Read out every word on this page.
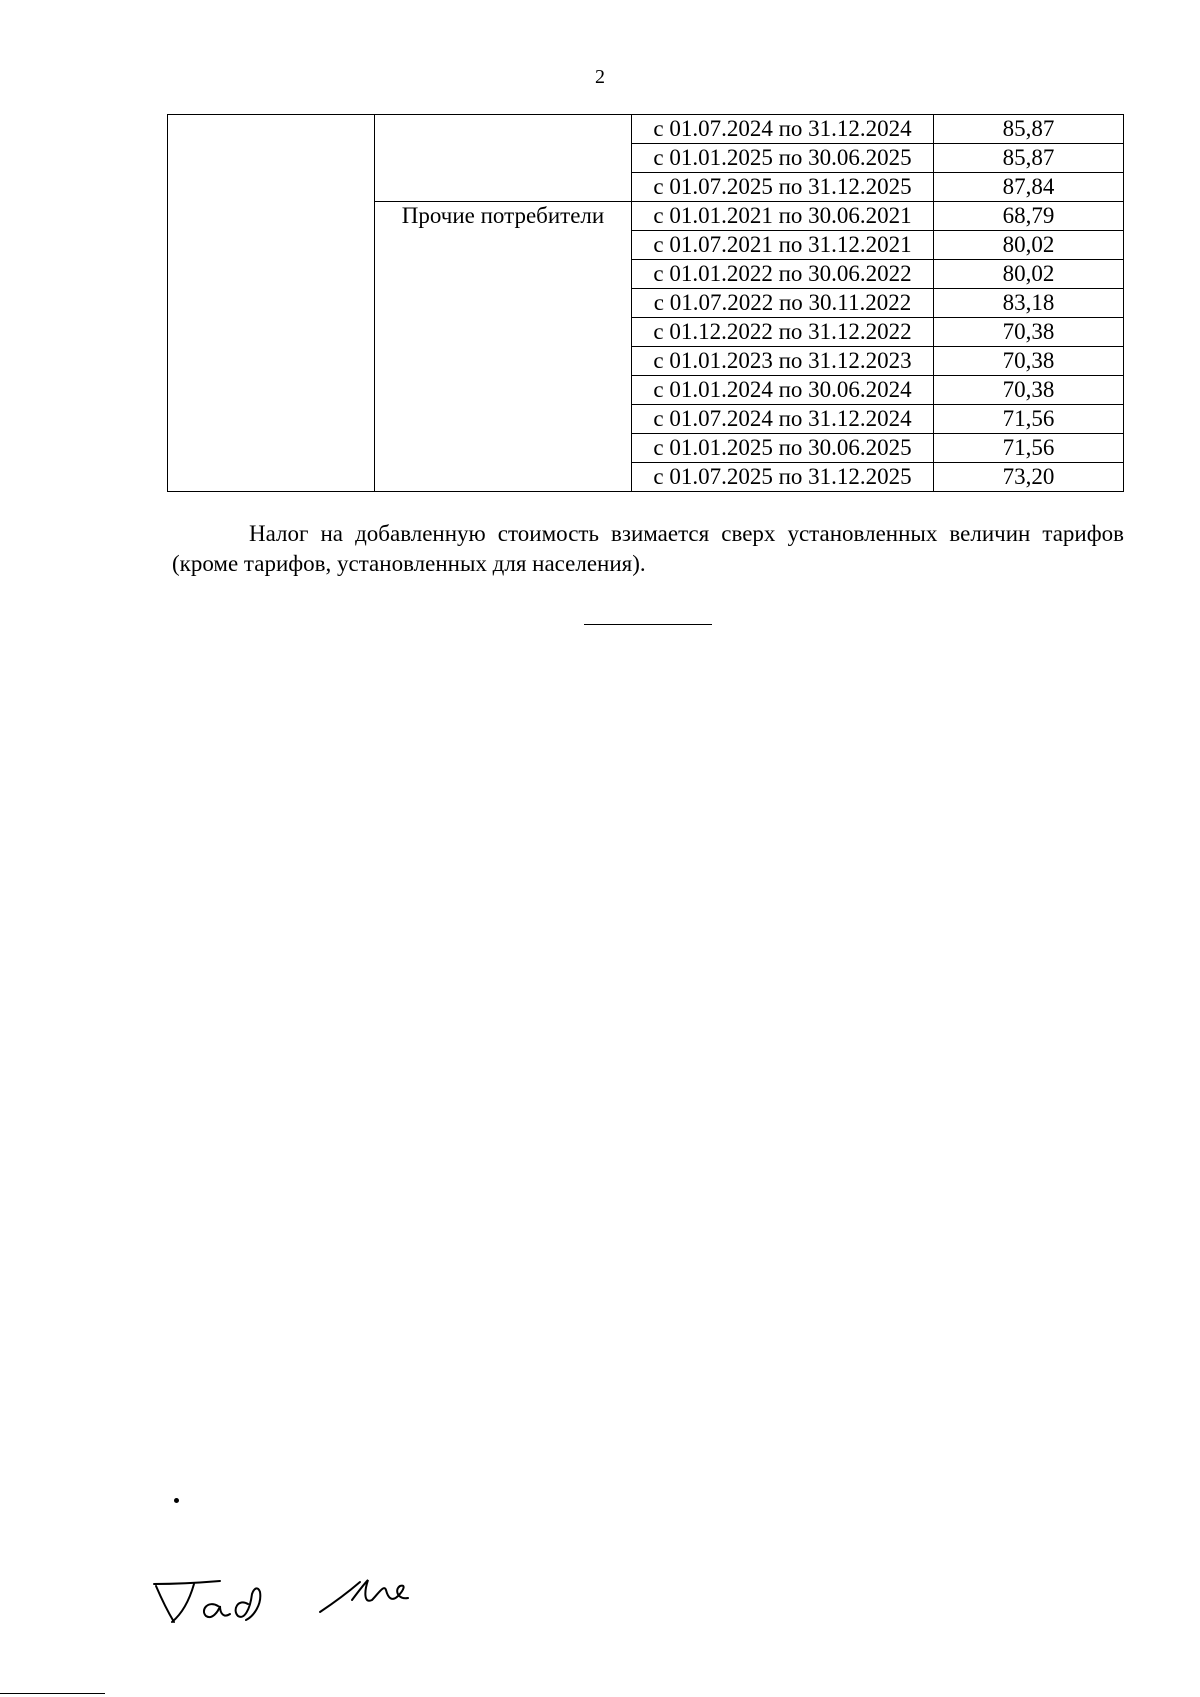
2
		с 01.07.2024 по 31.12.2024	85,87
		с 01.01.2025 по 30.06.2025	85,87
		с 01.07.2025 по 31.12.2025	87,84
	Прочие потребители	с 01.01.2021 по 30.06.2021	68,79
		с 01.07.2021 по 31.12.2021	80,02
		с 01.01.2022 по 30.06.2022	80,02
		с 01.07.2022 по 30.11.2022	83,18
		с 01.12.2022 по 31.12.2022	70,38
		с 01.01.2023 по 31.12.2023	70,38
		с 01.01.2024 по 30.06.2024	70,38
		с 01.07.2024 по 31.12.2024	71,56
		с 01.01.2025 по 30.06.2025	71,56
		с 01.07.2025 по 31.12.2025	73,20

Налог на добавленную стоимость взимается сверх установленных величин тарифов (кроме тарифов, установленных для населения).
